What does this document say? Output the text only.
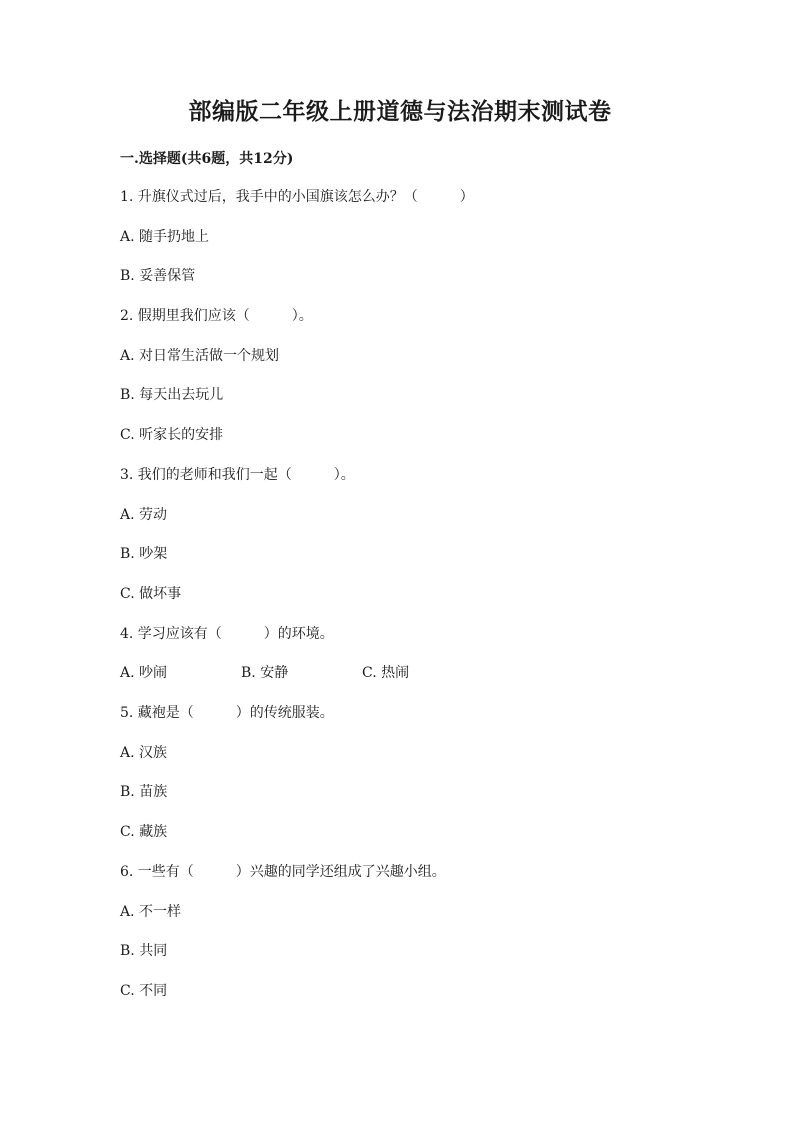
部编版二年级上册道德与法治期末测试卷
一.选择题(共6题，共12分)
1. 升旗仪式过后，我手中的小国旗该怎么办？（　　　）
A. 随手扔地上
B. 妥善保管
2. 假期里我们应该（　　　）。
A. 对日常生活做一个规划
B. 每天出去玩儿
C. 听家长的安排
3. 我们的老师和我们一起（　　　）。
A. 劳动
B. 吵架
C. 做坏事
4. 学习应该有（　　　）的环境。
A. 吵闹	B. 安静	C. 热闹
5. 藏袍是（　　　）的传统服装。
A. 汉族
B. 苗族
C. 藏族
6. 一些有（　　　）兴趣的同学还组成了兴趣小组。
A. 不一样
B. 共同
C. 不同
